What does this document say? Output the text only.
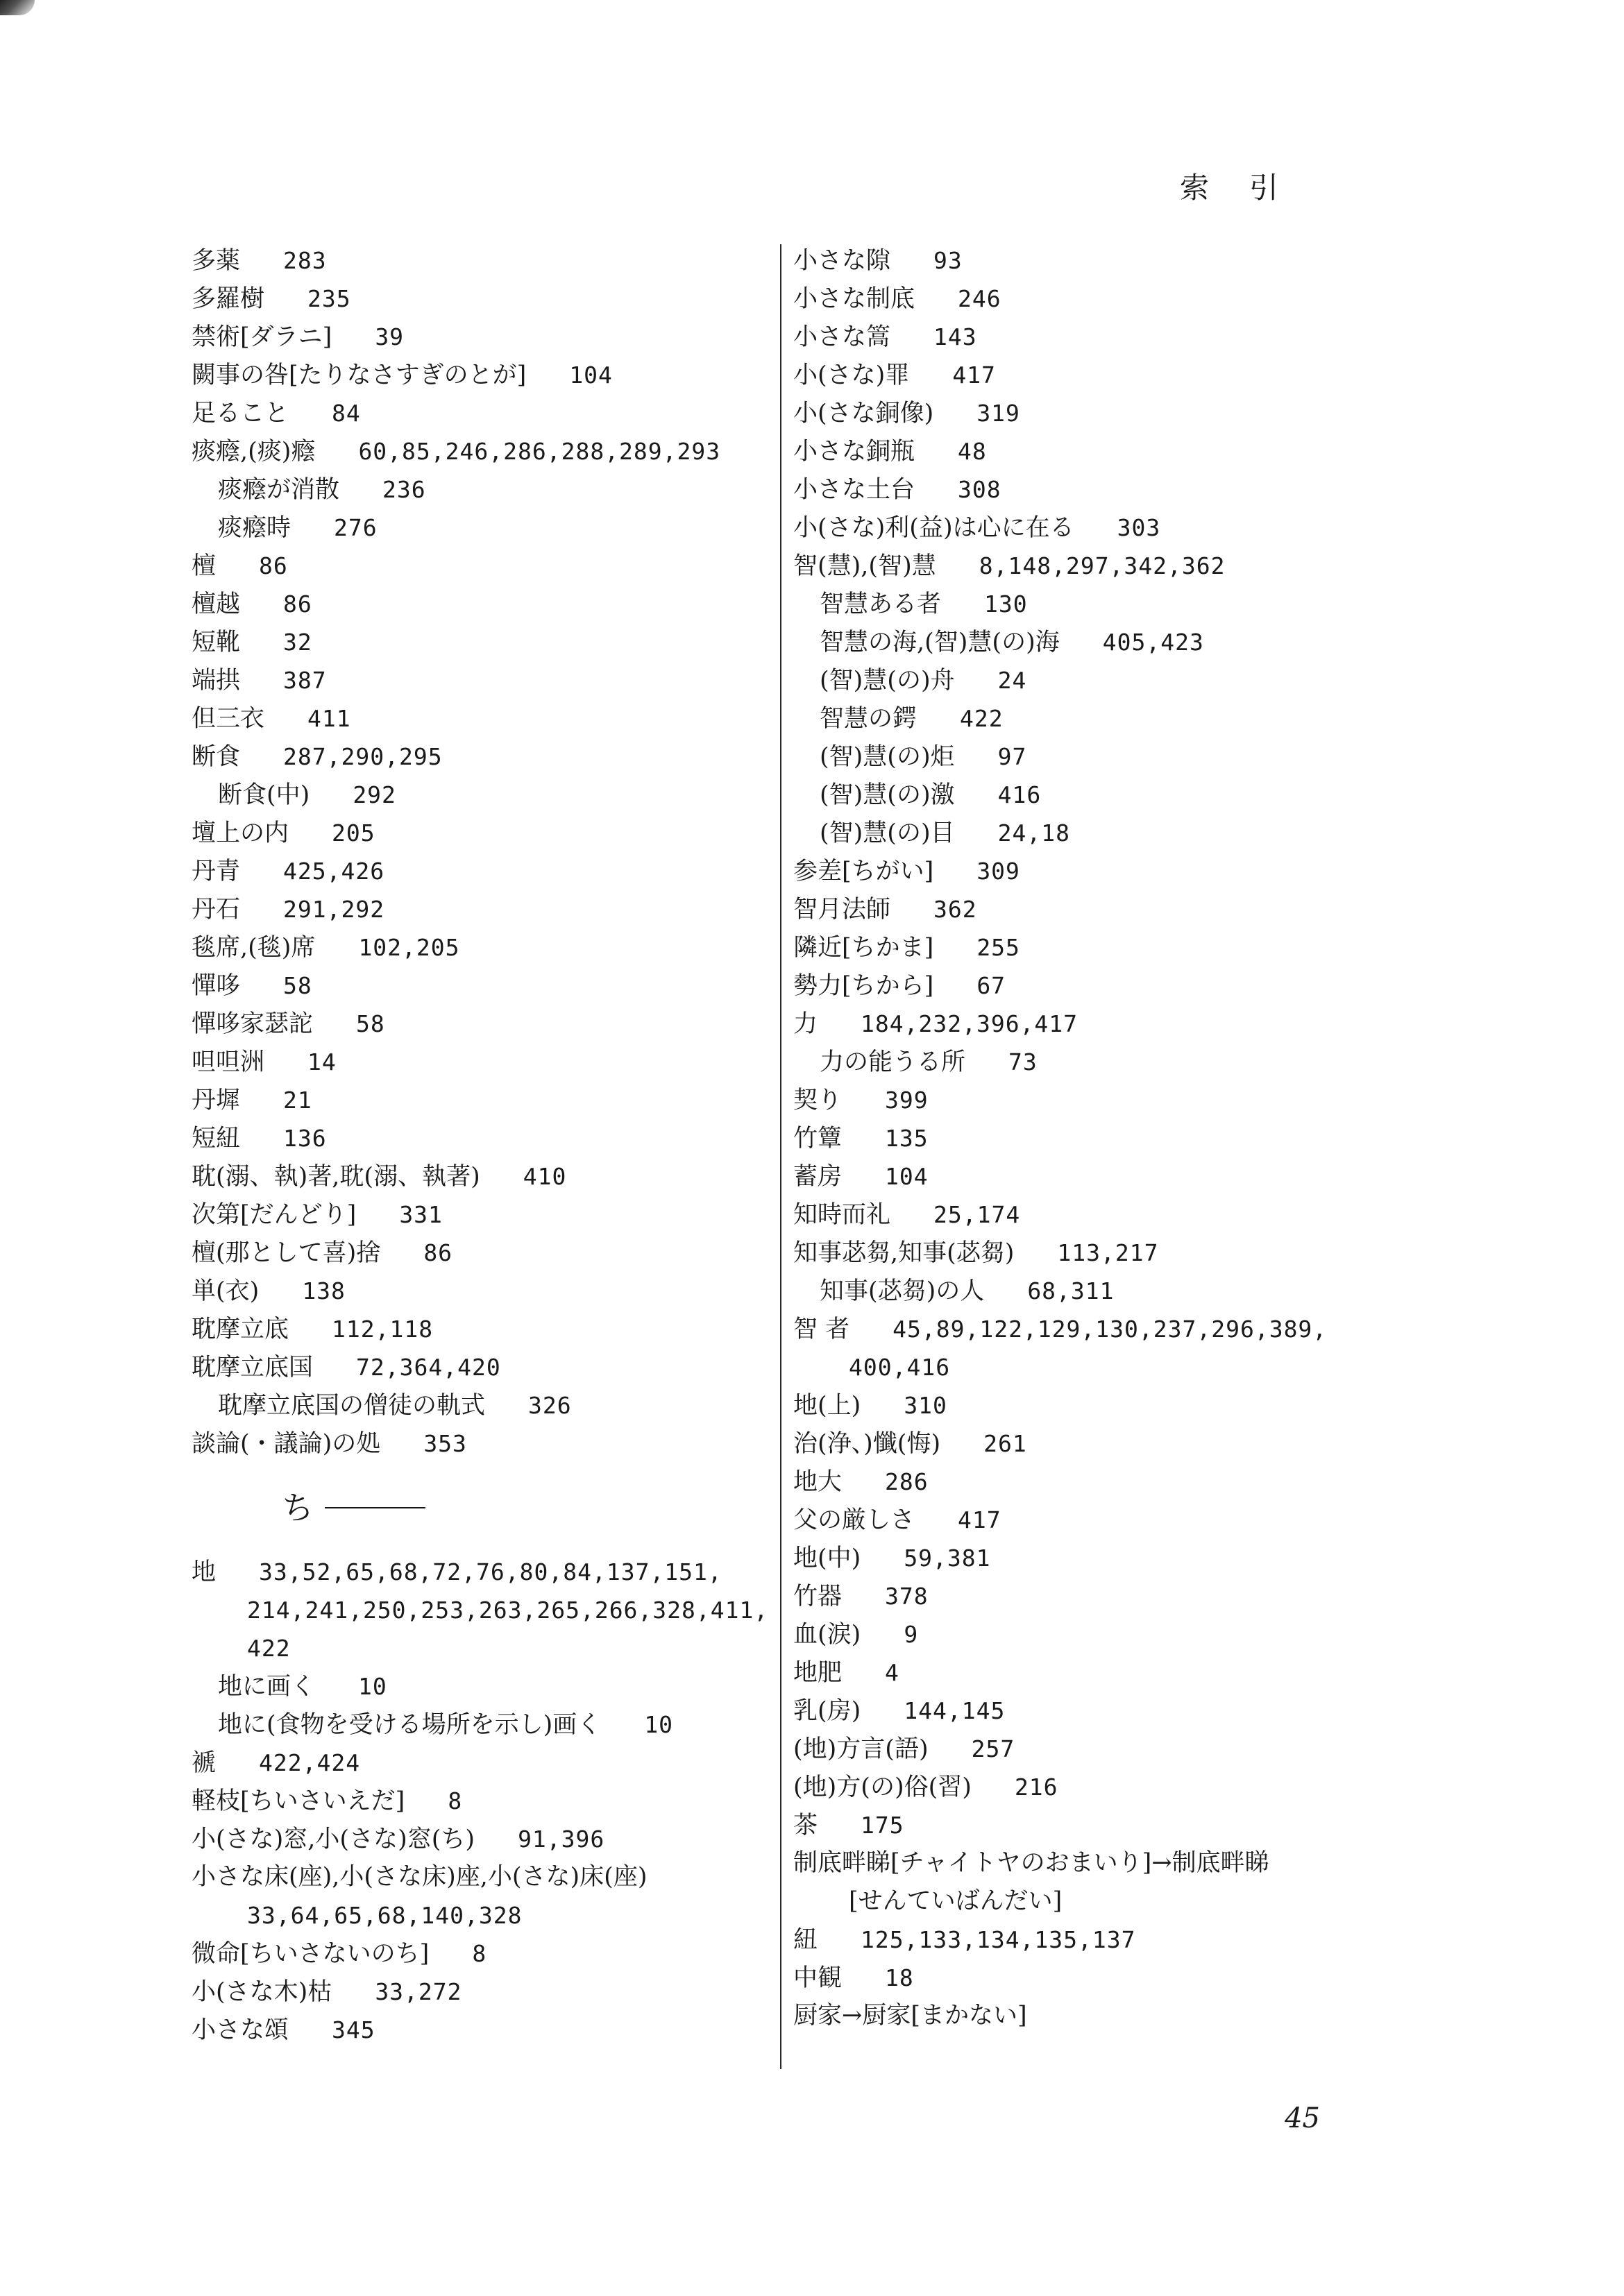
索引
多薬	283
多羅樹	235
禁術[ダラニ]	39
闕事の咎[たりなさすぎのとが]	104
足ること	84
痰癊,(痰)癊	60,85,246,286,288,289,293
痰癊が消散	236
痰癊時	276
檀	86
檀越	86
短靴	32
端拱	387
但三衣	411
断食	287,290,295
断食(中)	292
壇上の内	205
丹青	425,426
丹石	291,292
毯席,(毯)席	102,205
憚哆	58
憚哆家瑟詑	58
呾呾洲	14
丹墀	21
短紐	136
耽(溺、執)著,耽(溺、執著)	410
次第[だんどり]	331
檀(那として喜)捨	86
単(衣)	138
耽摩立底	112,118
耽摩立底国	72,364,420
耽摩立底国の僧徒の軌式	326
談論(・議論)の処	353
ち
地	33,52,65,68,72,76,80,84,137,151,
214,241,250,253,263,265,266,328,411,
422
地に画く	10
地に(食物を受ける場所を示し)画く	10
褫	422,424
軽枝[ちいさいえだ]	8
小(さな)窓,小(さな)窓(ち)	91,396
小さな床(座),小(さな床)座,小(さな)床(座)
33,64,65,68,140,328
微命[ちいさないのち]	8
小(さな木)枯	33,272
小さな頌	345
小さな隙	93
小さな制底	246
小さな篙	143
小(さな)罪	417
小(さな銅像)	319
小さな銅瓶	48
小さな土台	308
小(さな)利(益)は心に在る	303
智(慧),(智)慧	8,148,297,342,362
智慧ある者	130
智慧の海,(智)慧(の)海	405,423
(智)慧(の)舟	24
智慧の鍔	422
(智)慧(の)炬	97
(智)慧(の)激	416
(智)慧(の)目	24,18
参差[ちがい]	309
智月法師	362
隣近[ちかま]	255
勢力[ちから]	67
力	184,232,396,417
力の能うる所	73
契り	399
竹簟	135
蓄房	104
知時而礼	25,174
知事苾芻,知事(苾芻)	113,217
知事(苾芻)の人	68,311
智 者	45,89,122,129,130,237,296,389,
400,416
地(上)	310
治(浄、)懺(悔)	261
地大	286
父の厳しさ	417
地(中)	59,381
竹器	378
血(涙)	9
地肥	4
乳(房)	144,145
(地)方言(語)	257
(地)方(の)俗(習)	216
茶	175
制底畔睇[チャイトヤのおまいり]→制底畔睇
[せんていばんだい]
紐	125,133,134,135,137
中観	18
厨家→厨家[まかない]
45
